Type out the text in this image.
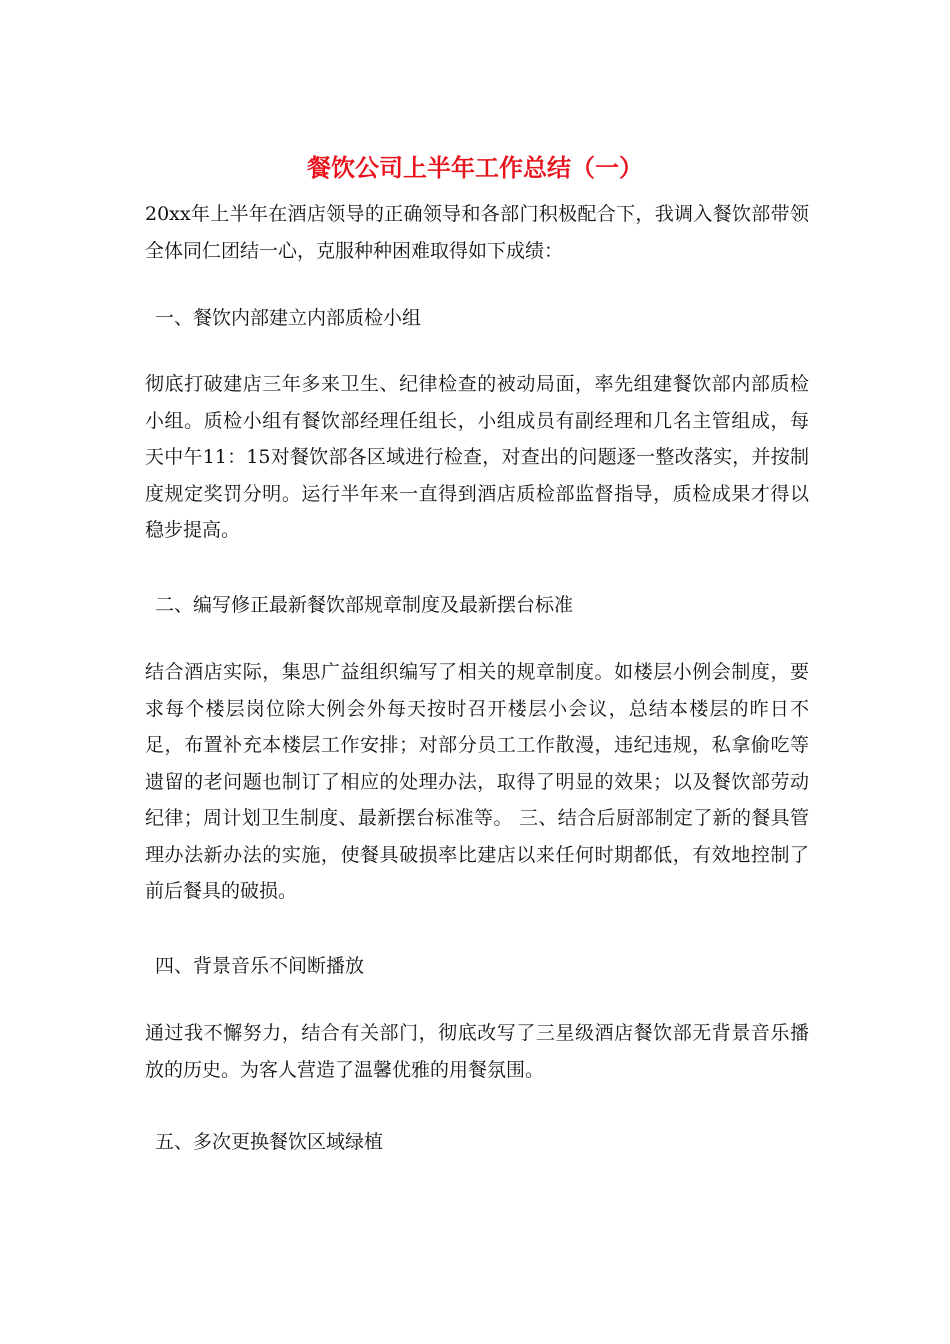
餐饮公司上半年工作总结（一）

20xx年上半年在酒店领导的正确领导和各部门积极配合下，我调入餐饮部带领全体同仁团结一心，克服种种困难取得如下成绩：

一、餐饮内部建立内部质检小组

彻底打破建店三年多来卫生、纪律检查的被动局面，率先组建餐饮部内部质检小组。质检小组有餐饮部经理任组长，小组成员有副经理和几名主管组成，每天中午11：15对餐饮部各区域进行检查，对查出的问题逐一整改落实，并按制度规定奖罚分明。运行半年来一直得到酒店质检部监督指导，质检成果才得以稳步提高。

二、编写修正最新餐饮部规章制度及最新摆台标准

结合酒店实际，集思广益组织编写了相关的规章制度。如楼层小例会制度，要求每个楼层岗位除大例会外每天按时召开楼层小会议，总结本楼层的昨日不足，布置补充本楼层工作安排；对部分员工工作散漫，违纪违规，私拿偷吃等遗留的老问题也制订了相应的处理办法，取得了明显的效果；以及餐饮部劳动纪律；周计划卫生制度、最新摆台标准等。 三、结合后厨部制定了新的餐具管理办法新办法的实施，使餐具破损率比建店以来任何时期都低，有效地控制了前后餐具的破损。

四、背景音乐不间断播放

通过我不懈努力，结合有关部门，彻底改写了三星级酒店餐饮部无背景音乐播放的历史。为客人营造了温馨优雅的用餐氛围。

五、多次更换餐饮区域绿植
